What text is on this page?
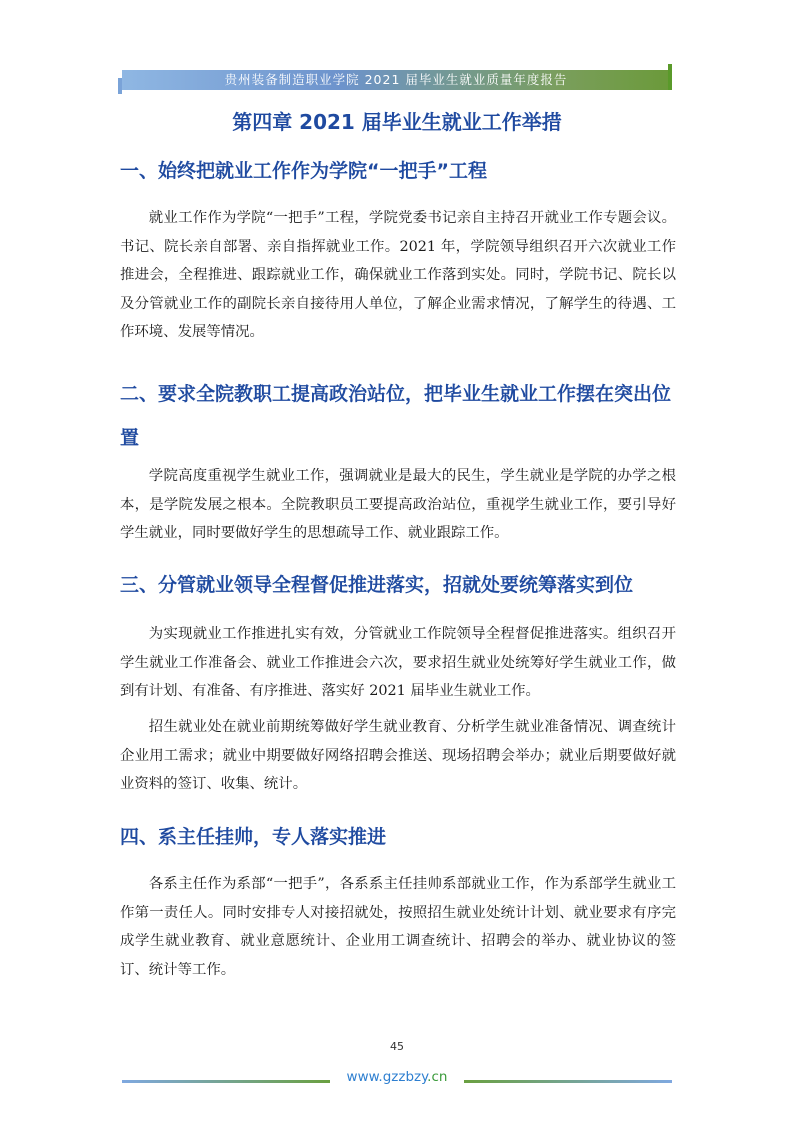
贵州装备制造职业学院 2021 届毕业生就业质量年度报告
第四章 2021 届毕业生就业工作举措
一、始终把就业工作作为学院“一把手”工程

就业工作作为学院“一把手”工程，学院党委书记亲自主持召开就业工作专题会议。书记、院长亲自部署、亲自指挥就业工作。2021 年，学院领导组织召开六次就业工作推进会，全程推进、跟踪就业工作，确保就业工作落到实处。同时，学院书记、院长以及分管就业工作的副院长亲自接待用人单位，了解企业需求情况，了解学生的待遇、工作环境、发展等情况。

二、要求全院教职工提高政治站位，把毕业生就业工作摆在突出位置

学院高度重视学生就业工作，强调就业是最大的民生，学生就业是学院的办学之根本，是学院发展之根本。全院教职员工要提高政治站位，重视学生就业工作，要引导好学生就业，同时要做好学生的思想疏导工作、就业跟踪工作。

三、分管就业领导全程督促推进落实，招就处要统筹落实到位

为实现就业工作推进扎实有效，分管就业工作院领导全程督促推进落实。组织召开学生就业工作准备会、就业工作推进会六次，要求招生就业处统筹好学生就业工作，做到有计划、有准备、有序推进、落实好 2021 届毕业生就业工作。

招生就业处在就业前期统筹做好学生就业教育、分析学生就业准备情况、调查统计企业用工需求；就业中期要做好网络招聘会推送、现场招聘会举办；就业后期要做好就业资料的签订、收集、统计。

四、系主任挂帅，专人落实推进

各系主任作为系部“一把手”，各系系主任挂帅系部就业工作，作为系部学生就业工作第一责任人。同时安排专人对接招就处，按照招生就业处统计计划、就业要求有序完成学生就业教育、就业意愿统计、企业用工调查统计、招聘会的举办、就业协议的签订、统计等工作。

45
www.gzzbzy.cn
